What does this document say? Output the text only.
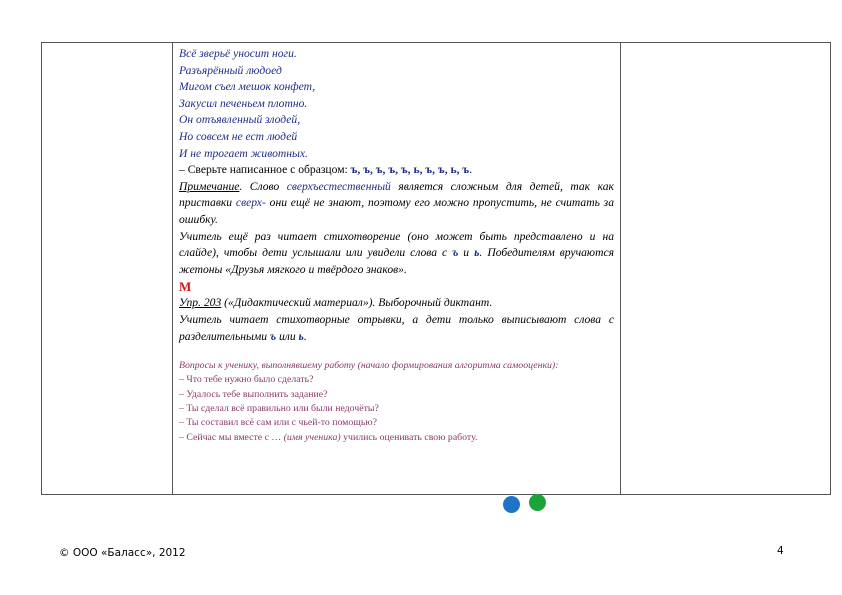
Всё зверьё уносит ноги.
Разъярённый людоед
Мигом съел мешок конфет,
Закусил печеньем плотно.
Он отъявленный злодей,
Но совсем не ест людей
И не трогает животных.
– Сверьте написанное с образцом: ъ, ъ, ъ, ъ, ъ, ь, ъ, ъ, ь, ъ.
Примечание. Слово сверхъестественный является сложным для детей, так как приставки сверх- они ещё не знают, поэтому его можно пропустить, не считать за ошибку.
Учитель ещё раз читает стихотворение (оно может быть представлено и на слайде), чтобы дети услышали или увидели слова с ъ и ь. Победителям вручаются жетоны «Друзья мягкого и твёрдого знаков».
М
Упр. 203 («Дидактический материал»). Выборочный диктант.
Учитель читает стихотворные отрывки, а дети только выписывают слова с разделительными ъ или ь.
Вопросы к ученику, выполнявшему работу (начало формирования алгоритма самооценки):
– Что тебе нужно было сделать?
– Удалось тебе выполнить задание?
– Ты сделал всё правильно или были недочёты?
– Ты составил всё сам или с чьей-то помощью?
– Сейчас мы вместе с … (имя ученика) учились оценивать свою работу.
© ООО «Баласс», 2012	4
